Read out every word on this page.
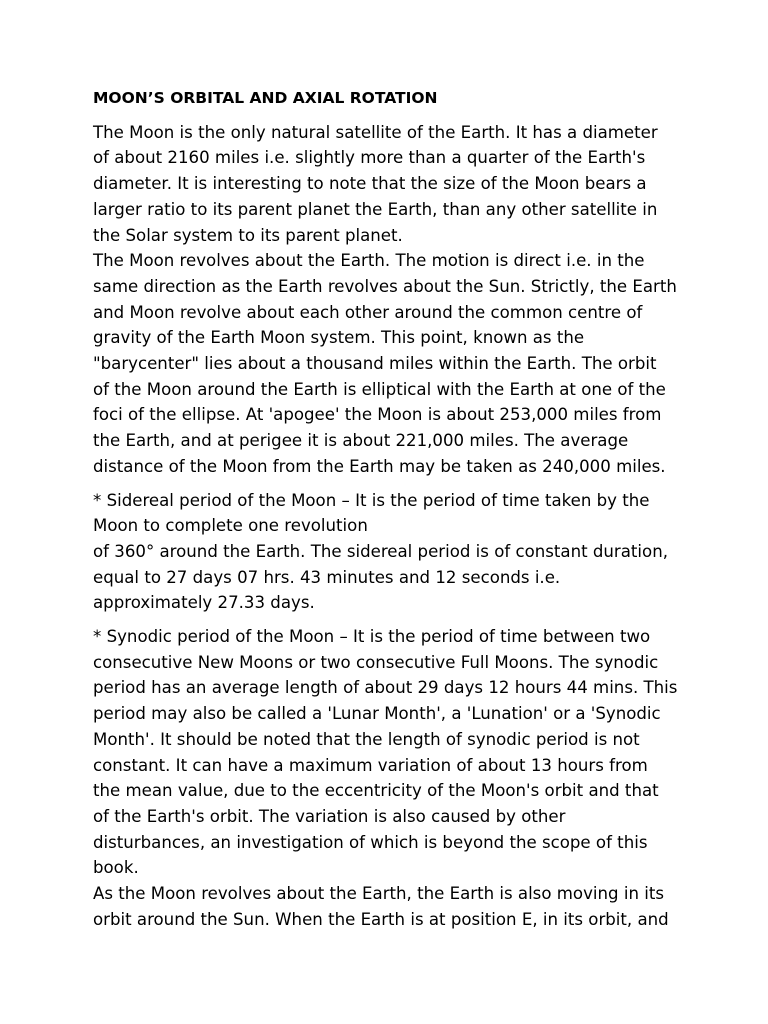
MOON’S ORBITAL AND AXIAL ROTATION

The Moon is the only natural satellite of the Earth. It has a diameter
of about 2160 miles i.e. slightly more than a quarter of the Earth's
diameter. It is interesting to note that the size of the Moon bears a
larger ratio to its parent planet the Earth, than any other satellite in
the Solar system to its parent planet.

The Moon revolves about the Earth. The motion is direct i.e. in the
same direction as the Earth revolves about the Sun. Strictly, the Earth
and Moon revolve about each other around the common centre of
gravity of the Earth Moon system. This point, known as the
"barycenter" lies about a thousand miles within the Earth. The orbit
of the Moon around the Earth is elliptical with the Earth at one of the
foci of the ellipse. At 'apogee' the Moon is about 253,000 miles from
the Earth, and at perigee it is about 221,000 miles. The average
distance of the Moon from the Earth may be taken as 240,000 miles.

* Sidereal period of the Moon – It is the period of time taken by the
Moon to complete one revolution
of 360° around the Earth. The sidereal period is of constant duration,
equal to 27 days 07 hrs. 43 minutes and 12 seconds i.e.
approximately 27.33 days.

* Synodic period of the Moon – It is the period of time between two
consecutive New Moons or two consecutive Full Moons. The synodic
period has an average length of about 29 days 12 hours 44 mins. This
period may also be called a 'Lunar Month', a 'Lunation' or a 'Synodic
Month'. It should be noted that the length of synodic period is not
constant. It can have a maximum variation of about 13 hours from
the mean value, due to the eccentricity of the Moon's orbit and that
of the Earth's orbit. The variation is also caused by other
disturbances, an investigation of which is beyond the scope of this
book.

As the Moon revolves about the Earth, the Earth is also moving in its
orbit around the Sun. When the Earth is at position E, in its orbit, and
